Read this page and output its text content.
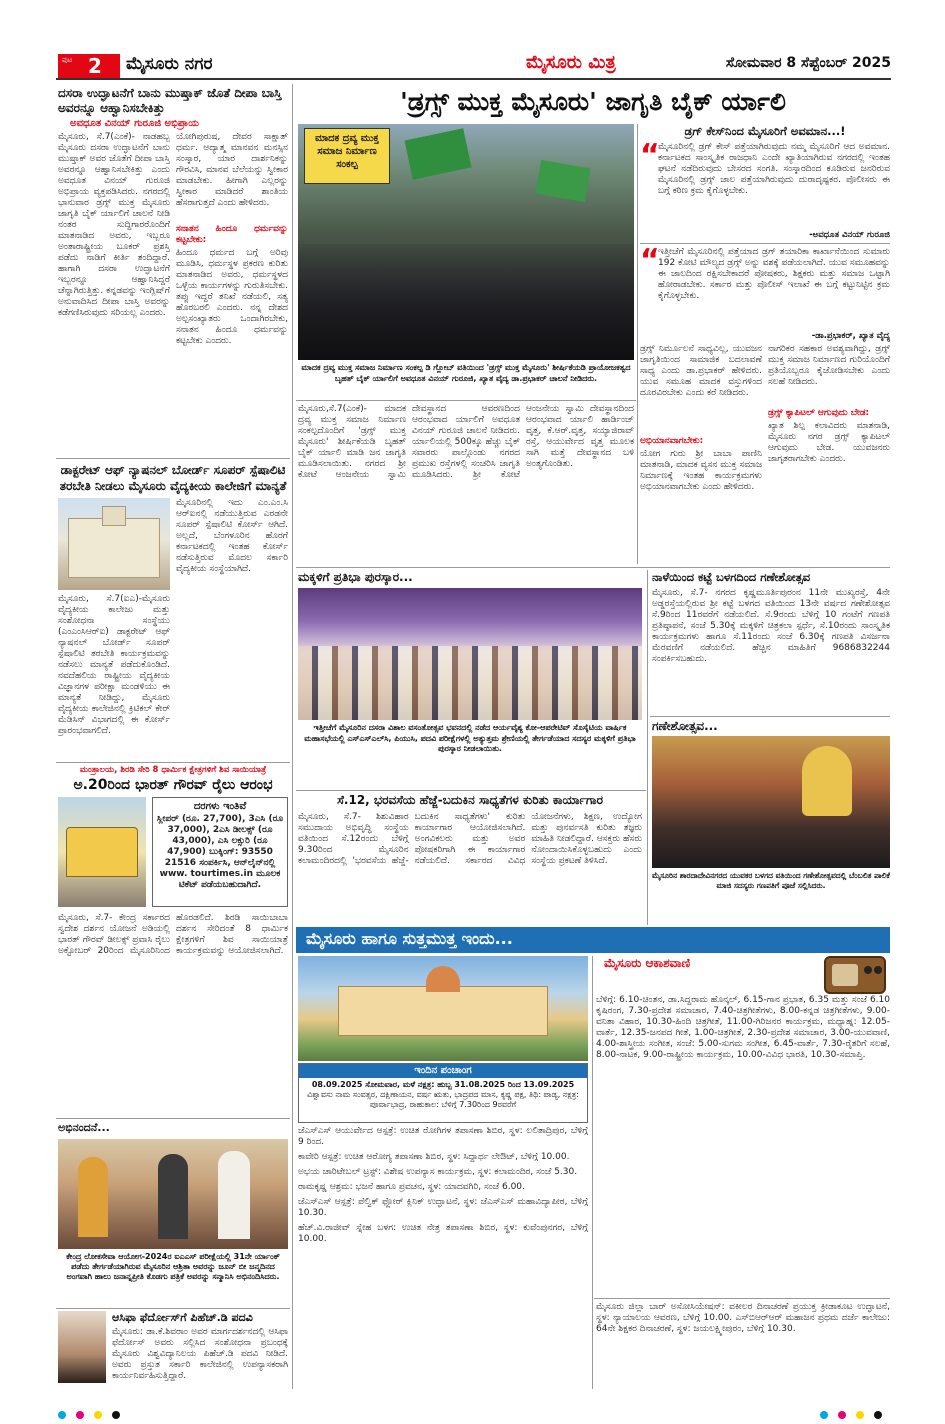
ಪುಟ 2 ಮೈಸೂರು ನಗರ	ಮೈಸೂರು ಮಿತ್ರ	ಸೋಮವಾರ 8 ಸೆಪ್ಟೆಂಬರ್ 2025
ದಸರಾ ಉದ್ಘಾಟನೆಗೆ ಬಾನು ಮುಷ್ತಾಕ್ ಜೊತೆ ದೀಪಾ ಬಾಸ್ತಿ ಅವರನ್ನೂ ಆಹ್ವಾನಿಸಬೇಕಿತ್ತು
ಅವಧೂತ ವಿನಯ್ ಗುರೂಜಿ ಅಭಿಪ್ರಾಯ
ಮೈಸೂರು, ಸೆ.7(ಎಂಕೆ)- ನಾಡಹಬ್ಬ ಮೈಸೂರು ದಸರಾ ಉದ್ಘಾಟನೆಗೆ ಬಾನು ಮುಷ್ತಾಕ್ ಅವರ ಜೊತೆಗೆ ದೀಪಾ ಬಾಸ್ತಿ ಅವರನ್ನೂ ಆಹ್ವಾನಿಸಬೇಕಿತ್ತು ಎಂದು ಅವಧೂತ ವಿನಯ್ ಗುರೂಜಿ ಅಭಿಪ್ರಾಯ ವ್ಯಕ್ತಪಡಿಸಿದರು. ನಗರದಲ್ಲಿ ಭಾನುವಾರ ಡ್ರಗ್ಸ್ ಮುಕ್ತ ಮೈಸೂರು ಜಾಗೃತಿ ಬೈಕ್ ರ್ಯಾಲಿಗೆ ಚಾಲನೆ ನೀಡಿ ನಂತರ ಸುದ್ದಿಗಾರರೊಂದಿಗೆ ಮಾತನಾಡಿದ ಅವರು, ಇಬ್ಬರೂ ಅಂತಾರಾಷ್ಟ್ರೀಯ ಬೂಕರ್ ಪ್ರಶಸ್ತಿ ಪಡೆದು ನಾಡಿಗೆ ಕೀರ್ತಿ ತಂದಿದ್ದಾರೆ. ಹಾಗಾಗಿ ದಸರಾ ಉದ್ಘಾಟನೆಗೆ ಇಬ್ಬರನ್ನೂ ಆಹ್ವಾನಿಸಿದ್ದರೆ ಚೆನ್ನಾಗಿರುತ್ತಿತ್ತು. ಕನ್ನಡವನ್ನು ಇಂಗ್ಲಿಷ್‌ಗೆ ಅನುವಾದಿಸಿದ ದೀಪಾ ಬಾಸ್ತಿ ಅವರನ್ನು ಕಡೆಗಣಿಸಿರುವುದು ಸರಿಯಲ್ಲ ಎಂದರು.
ಯೋಗಿಪುರುಷ, ದೇವರ ಸಾಕ್ಷಾತ್ ಧರ್ಮ. ಆದ್ಯಾತ್ಮ ಮಾನವನ ಮನಸ್ಸಿನ ಸಂಸ್ಕಾರ, ಯಾರ ದಾರ್ಶನಿಕನ್ನು ಗೌರವಿಸಿ, ಮಾನವ ಬೆಲೆಯನ್ನು ಸ್ವೀಕಾರ ಮಾಡಬೇಕು. ಹೀಗಾಗಿ ಎಲ್ಲರನ್ನು ಸ್ವೀಕಾರ ಮಾಡಿದರೆ ಶಾಂತಿಯ ಹೆಸರಾಗುತ್ತದೆ ಎಂದು ಹೇಳಿದರು.
ಸನಾತನ ಹಿಂದೂ ಧರ್ಮವನ್ನು ಕಟ್ಟಬೇಕು:
ಹಿಂದೂ ಧರ್ಮದ ಬಗ್ಗೆ ಅರಿವು ಮೂಡಿಸಿ, ಧರ್ಮಸ್ಥಳ ಪ್ರಕರಣ ಕುರಿತು ಮಾತನಾಡಿದ ಅವರು, ಧರ್ಮಸ್ಥಳದ ಒಳ್ಳೆಯ ಕಾರ್ಯಗಳನ್ನು ಗುರುತಿಸಬೇಕು. ತಪ್ಪು ಇದ್ದರೆ ತನಿಖೆ ನಡೆಯಲಿ, ಸತ್ಯ ಹೊರಬರಲಿ ಎಂದರು. ನನ್ನ ದೇಶದ ಅಲ್ಪಸಂಖ್ಯಾತರು ಒಂದಾಗಿರಬೇಕು, ಸನಾತನ ಹಿಂದೂ ಧರ್ಮವನ್ನು ಕಟ್ಟಬೇಕು ಎಂದರು.
ಡಾಕ್ಟರೇಟ್ ಆಫ್ ನ್ಯಾಷನಲ್ ಬೋರ್ಡ್ ಸೂಪರ್ ಸ್ಪೆಷಾಲಿಟಿ ತರಬೇತಿ ನೀಡಲು ಮೈಸೂರು ವೈದ್ಯಕೀಯ ಕಾಲೇಜಿಗೆ ಮಾನ್ಯತೆ
ಮೈಸೂರು, ಸೆ.7(ಐಎ)-ಮೈಸೂರು ವೈದ್ಯಕೀಯ ಕಾಲೇಜು ಮತ್ತು ಸಂಶೋಧನಾ ಸಂಸ್ಥೆಯು (ಎಂಎಂಸಿಆರ್‌ಐ) ಡಾಕ್ಟರೇಟ್ ಆಫ್ ನ್ಯಾಷನಲ್ ಬೋರ್ಡ್ ಸೂಪರ್ ಸ್ಪೆಷಾಲಿಟಿ ತರಬೇತಿ ಕಾರ್ಯಕ್ರಮವನ್ನು ನಡೆಸಲು ಮಾನ್ಯತೆ ಪಡೆದುಕೊಂಡಿದೆ. ನವದೆಹಲಿಯ ರಾಷ್ಟ್ರೀಯ ವೈದ್ಯಕೀಯ ವಿಜ್ಞಾನಗಳ ಪರೀಕ್ಷಾ ಮಂಡಳಿಯು ಈ ಮಾನ್ಯತೆ ನೀಡಿದ್ದು, ಮೈಸೂರು ವೈದ್ಯಕೀಯ ಕಾಲೇಜಿನಲ್ಲಿ ಕ್ರಿಟಿಕಲ್ ಕೇರ್ ಮೆಡಿಸಿನ್ ವಿಭಾಗದಲ್ಲಿ ಈ ಕೋರ್ಸ್ ಪ್ರಾರಂಭವಾಗಲಿದೆ.
ಮೈಸೂರಿನಲ್ಲಿ ಇದು ಎಂ.ಎಂ.ಸಿ ಆರ್‌ಐನಲ್ಲಿ ನಡೆಯುತ್ತಿರುವ ಎರಡನೇ ಸೂಪರ್ ಸ್ಪೆಷಾಲಿಟಿ ಕೋರ್ಸ್ ಆಗಿದೆ. ಅಲ್ಲದೆ, ಬೆಂಗಳೂರಿನ ಹೊರಗೆ ಕರ್ನಾಟಕದಲ್ಲಿ ಇಂತಹ ಕೋರ್ಸ್ ನಡೆಸುತ್ತಿರುವ ಮೊದಲ ಸರ್ಕಾರಿ ವೈದ್ಯಕೀಯ ಸಂಸ್ಥೆಯಾಗಿದೆ.
ಮಂತ್ರಾಲಯ, ಶಿರಡಿ ಸೇರಿ 8 ಧಾರ್ಮಿಕ ಕ್ಷೇತ್ರಗಳಿಗೆ ಶಿವ ಸಾಯಿಯಾತ್ರೆ
ಅ.20ರಿಂದ ಭಾರತ್ ಗೌರವ್ ರೈಲು ಆರಂಭ
ದರಗಳು ಇಂತಿವೆ
ಸ್ಲೀಪರ್ (ರೂ. 27,700), 3ಎಸಿ (ರೂ 37,000), 2ಎಸಿ ಡೀಲಕ್ಸ್ (ರೂ 43,000), ಎಸಿ ಲಕ್ಸುರಿ (ರೂ 47,900) ಬುಕ್ಕಿಂಗ್: 93550 21516 ಸಂಪರ್ಕಿಸಿ, ಆನ್‌ಲೈನ್‌ನಲ್ಲಿ www. tourtimes.in ಮೂಲಕ ಟಿಕೆಟ್ ಪಡೆಯಬಹುದಾಗಿದೆ.
ಮೈಸೂರು, ಸೆ.7- ಕೇಂದ್ರ ಸರ್ಕಾರದ ಸ್ವದೇಶ ದರ್ಶನ ಯೋಜನೆ ಅಡಿಯಲ್ಲಿ ಭಾರತ್ ಗೌರವ್ ಡೀಲಕ್ಸ್ ಪ್ರವಾಸಿ ರೈಲು ಅಕ್ಟೋಬರ್ 20ರಿಂದ ಮೈಸೂರಿನಿಂದ ಹೊರಡಲಿದೆ. ಶಿರಡಿ ಸಾಯಿಬಾಬಾ ದರ್ಶನ ಸೇರಿದಂತೆ 8 ಧಾರ್ಮಿಕ ಕ್ಷೇತ್ರಗಳಿಗೆ ಶಿವ ಸಾಯಿಯಾತ್ರೆ ಕಾರ್ಯಕ್ರಮವನ್ನು ಆಯೋಜಿಸಲಾಗಿದೆ.
ಅಭಿನಂದನೆ...
ಕೇಂದ್ರ ಲೋಕಸೇವಾ ಆಯೋಗ-2024ರ ಐಎಎಸ್ ಪರೀಕ್ಷೆಯಲ್ಲಿ 31ನೇ ರ್ಯಾಂಕ್ ಪಡೆದು ತೇರ್ಗಡೆಯಾಗಿರುವ ಮೈಸೂರಿನ ಆಶ್ರಿತಾ ಅವರನ್ನು ಜೂನ್ ಬೀ ಜನ್ಮದಿನದ ಅಂಗವಾಗಿ ಹಾಲು ಜನಾನ್ನಪ್ರೀತಿ ಕೊಡಗು ಪತ್ರಿಕೆ ಅವರನ್ನು ಸನ್ಮಾನಿಸಿ ಅಭಿನಂದಿಸಿದರು.
ಆಸಿಫಾ ಫೆರ್ದೋಸ್‌ಗೆ ಪಿಹೆಚ್.ಡಿ ಪದವಿ
ಮೈಸೂರು: ಡಾ.ಕೆ.ಶಿವರಾಂ ಅವರ ಮಾರ್ಗದರ್ಶನದಲ್ಲಿ ಆಸಿಫಾ ಫೆರ್ದೋಸ್ ಅವರು ಸಲ್ಲಿಸಿದ ಸಂಶೋಧನಾ ಪ್ರಬಂಧಕ್ಕೆ ಮೈಸೂರು ವಿಶ್ವವಿದ್ಯಾನಿಲಯ ಪಿಹೆಚ್.ಡಿ ಪದವಿ ನೀಡಿದೆ. ಅವರು ಪ್ರಸ್ತುತ ಸರ್ಕಾರಿ ಕಾಲೇಜಿನಲ್ಲಿ ಉಪನ್ಯಾಸಕರಾಗಿ ಕಾರ್ಯನಿರ್ವಹಿಸುತ್ತಿದ್ದಾರೆ.
'ಡ್ರಗ್ಸ್ ಮುಕ್ತ ಮೈಸೂರು' ಜಾಗೃತಿ ಬೈಕ್ ರ್ಯಾಲಿ
ಮಾದಕ ದ್ರವ್ಯ ಮುಕ್ತ ಸಮಾಜ ನಿರ್ಮಾಣ ಸಂಕಲ್ಪ
ಮಾದಕ ದ್ರವ್ಯ ಮುಕ್ತ ಸಮಾಜ ನಿರ್ಮಾಣ ಸಂಕಲ್ಪ ಡಿ ಗ್ಲೋಬ್ ವತಿಯಿಂದ 'ಡ್ರಗ್ಸ್ ಮುಕ್ತ ಮೈಸೂರು' ಶೀರ್ಷಿಕೆಯಡಿ ಪ್ರಾಯೋಜಕತ್ವದ ಬೃಹತ್ ಬೈಕ್ ರ್ಯಾಲಿಗೆ ಅವಧೂತ ವಿನಯ್ ಗುರೂಜಿ, ಖ್ಯಾತ ವೈದ್ಯ ಡಾ.ಪ್ರಭಾಕರ್ ಚಾಲನೆ ನೀಡಿದರು.
ಮೈಸೂರು,ಸೆ.7(ಎಂಕೆ)- ಮಾದಕ ದ್ರವ್ಯ ಮುಕ್ತ ಸಮಾಜ ನಿರ್ಮಾಣ ಸಂಕಲ್ಪದೊಂದಿಗೆ 'ಡ್ರಗ್ಸ್ ಮುಕ್ತ ಮೈಸೂರು' ಶೀರ್ಷಿಕೆಯಡಿ ಬೃಹತ್ ಬೈಕ್ ರ್ಯಾಲಿ ಮಾಡಿ ಜನ ಜಾಗೃತಿ ಮೂಡಿಸಲಾಯಿತು. ನಗರದ ಶ್ರೀ ಕೋಟೆ ಆಂಜನೇಯ ಸ್ವಾಮಿ ದೇವಸ್ಥಾನದ ಆವರಣದಿಂದ ಆರಂಭವಾದ ರ್ಯಾಲಿಗೆ ಅವಧೂತ ವಿನಯ್ ಗುರೂಜಿ ಚಾಲನೆ ನೀಡಿದರು. ರ್ಯಾಲಿಯಲ್ಲಿ 500ಕ್ಕೂ ಹೆಚ್ಚು ಬೈಕ್ ಸವಾರರು ಪಾಲ್ಗೊಂಡು ನಗರದ ಪ್ರಮುಖ ರಸ್ತೆಗಳಲ್ಲಿ ಸಂಚರಿಸಿ ಜಾಗೃತಿ ಮೂಡಿಸಿದರು. ಶ್ರೀ ಕೋಟೆ ಆಂಜನೇಯ ಸ್ವಾಮಿ ದೇವಸ್ಥಾನದಿಂದ ಆರಂಭವಾದ ರ್ಯಾಲಿ ಹಾರ್ಡಿಂಜ್ ವೃತ್ತ, ಕೆ.ಆರ್.ವೃತ್ತ, ಸಯ್ಯಾಜಿರಾವ್ ರಸ್ತೆ, ಆಯುರ್ವೇದ ವೃತ್ತ ಮೂಲಕ ಸಾಗಿ ಮತ್ತೆ ದೇವಸ್ಥಾನದ ಬಳಿ ಅಂತ್ಯಗೊಂಡಿತು.
ಡ್ರಗ್ ಕೇಸ್‌ನಿಂದ ಮೈಸೂರಿಗೆ ಅವಮಾನ...!
“
ಮೈಸೂರಿನಲ್ಲಿ ಡ್ರಗ್ ಕೇಸ್ ಪತ್ತೆಯಾಗಿರುವುದು ನಮ್ಮ ಮೈಸೂರಿಗೆ ಆದ ಅವಮಾನ. ಕರ್ನಾಟಕದ ಸಾಂಸ್ಕೃತಿಕ ರಾಜಧಾನಿ ಎಂದೇ ಖ್ಯಾತಿಯಾಗಿರುವ ನಗರದಲ್ಲಿ ಇಂತಹ ಘಟನೆ ನಡೆದಿರುವುದು ಬೇಸರದ ಸಂಗತಿ. ಸಂಸ್ಕಾರದಿಂದ ಕೂಡಿರುವ ಜನರಿರುವ ಮೈಸೂರಿನಲ್ಲಿ ಡ್ರಗ್ಸ್ ಜಾಲ ಪತ್ತೆಯಾಗಿರುವುದು ದುರಾದೃಷ್ಟಕರ. ಪೊಲೀಸರು ಈ ಬಗ್ಗೆ ಕಠಿಣ ಕ್ರಮ ಕೈಗೊಳ್ಳಬೇಕು.
-ಅವಧೂತ ವಿನಯ್ ಗುರೂಜಿ
“
ಇತ್ತೀಚೆಗೆ ಮೈಸೂರಿನಲ್ಲಿ ಪತ್ತೆಯಾದ ಡ್ರಗ್ ತಯಾರಿಕಾ ಕಾರ್ಖಾನೆಯಿಂದ ಸುಮಾರು 192 ಕೋಟಿ ಮೌಲ್ಯದ ಡ್ರಗ್ಸ್ ಅನ್ನು ವಶಕ್ಕೆ ಪಡೆಯಲಾಗಿದೆ. ಯುವ ಸಮೂಹವನ್ನು ಈ ಜಾಲದಿಂದ ರಕ್ಷಿಸಬೇಕಾದರೆ ಪೋಷಕರು, ಶಿಕ್ಷಕರು ಮತ್ತು ಸಮಾಜ ಒಟ್ಟಾಗಿ ಹೋರಾಡಬೇಕು. ಸರ್ಕಾರ ಮತ್ತು ಪೊಲೀಸ್ ಇಲಾಖೆ ಈ ಬಗ್ಗೆ ಕಟ್ಟುನಿಟ್ಟಿನ ಕ್ರಮ ಕೈಗೊಳ್ಳಬೇಕು.
-ಡಾ.ಪ್ರಭಾಕರ್, ಖ್ಯಾತ ವೈದ್ಯ
ಡ್ರಗ್ಸ್ ನಿರ್ಮೂಲನೆ ಸಾಧ್ಯವಿಲ್ಲ, ಯುವಜನ ಜಾಗೃತಿಯಿಂದ ಸಾಮಾಜಿಕ ಬದಲಾವಣೆ ಸಾಧ್ಯ ಎಂದು ಡಾ.ಪ್ರಭಾಕರ್ ಹೇಳಿದರು. ಯುವ ಸಮೂಹ ಮಾದಕ ವಸ್ತುಗಳಿಂದ ದೂರವಿರಬೇಕು ಎಂದು ಕರೆ ನೀಡಿದರು.
ಅಭಿಯಾನವಾಗಬೇಕು:
ಯೋಗ ಗುರು ಶ್ರೀ ಬಾಬಾ ಪಾಣಿನಿ ಮಾತನಾಡಿ, ಮಾದಕ ವ್ಯಸನ ಮುಕ್ತ ಸಮಾಜ ನಿರ್ಮಾಣಕ್ಕೆ ಇಂತಹ ಕಾರ್ಯಕ್ರಮಗಳು ಅಭಿಯಾನವಾಗಬೇಕು ಎಂದು ಹೇಳಿದರು.
ನಾಗರಿಕರ ಸಹಕಾರ ಅವಶ್ಯವಾಗಿದ್ದು, ಡ್ರಗ್ಸ್ ಮುಕ್ತ ಸಮಾಜ ನಿರ್ಮಾಣದ ಗುರಿಯೊಂದಿಗೆ ಪ್ರತಿಯೊಬ್ಬರೂ ಕೈಜೋಡಿಸಬೇಕು ಎಂದು ಸಲಹೆ ನೀಡಿದರು.
ಡ್ರಗ್ಸ್ ಕ್ಯಾಪಿಟಲ್ ಆಗುವುದು ಬೇಡ:
ಖ್ಯಾತ ಶಿಲ್ಪ ಕಲಾವಿದರು ಮಾತನಾಡಿ, ಮೈಸೂರು ನಗರ ಡ್ರಗ್ಸ್ ಕ್ಯಾಪಿಟಲ್ ಆಗುವುದು ಬೇಡ. ಯುವಜನರು ಜಾಗೃತರಾಗಬೇಕು ಎಂದರು.
ಮಕ್ಕಳಿಗೆ ಪ್ರತಿಭಾ ಪುರಸ್ಕಾರ...
ಇತ್ತೀಚೆಗೆ ಮೈಸೂರಿನ ದಸರಾ ವಿಶಾಲ ವಸಂತೋತ್ಸವ ಭವನದಲ್ಲಿ ನಡೆದ ಆರ್ಯವೈಶ್ಯ ಕೋ-ಆಪರೇಟಿವ್ ಸೊಸೈಟಿಯ ವಾರ್ಷಿಕ ಮಹಾಸಭೆಯಲ್ಲಿ ಎಸ್‌ಎಸ್‌ಎಲ್‌ಸಿ, ಪಿಯುಸಿ, ಪದವಿ ಪರೀಕ್ಷೆಗಳಲ್ಲಿ ಅತ್ಯುತ್ತಮ ಶ್ರೇಣಿಯಲ್ಲಿ ತೇರ್ಗಡೆಯಾದ ಸದಸ್ಯರ ಮಕ್ಕಳಿಗೆ ಪ್ರತಿಭಾ ಪುರಸ್ಕಾರ ನೀಡಲಾಯಿತು.
ಸೆ.12, ಭರವಸೆಯ ಹೆಜ್ಜೆ-ಬದುಕಿನ ಸಾಧ್ಯತೆಗಳ ಕುರಿತು ಕಾರ್ಯಾಗಾರ
ಮೈಸೂರು, ಸೆ.7- ಶಿಶುವಿಹಾರ ಸಮುದಾಯ ಅಭಿವೃದ್ಧಿ ಸಂಸ್ಥೆಯ ವತಿಯಿಂದ ಸೆ.12ರಂದು ಬೆಳಿಗ್ಗೆ 9.30ರಿಂದ ಮೈಸೂರಿನ ಕಲಾಮಂದಿರದಲ್ಲಿ 'ಭರವಸೆಯ ಹೆಜ್ಜೆ-ಬದುಕಿನ ಸಾಧ್ಯತೆಗಳು' ಕುರಿತು ಕಾರ್ಯಾಗಾರ ಆಯೋಜಿಸಲಾಗಿದೆ. ಅಂಗವಿಕಲರು ಮತ್ತು ಅವರ ಪೋಷಕರಿಗಾಗಿ ಈ ಕಾರ್ಯಾಗಾರ ನಡೆಯಲಿದೆ. ಸರ್ಕಾರದ ವಿವಿಧ ಯೋಜನೆಗಳು, ಶಿಕ್ಷಣ, ಉದ್ಯೋಗ ಮತ್ತು ಪುನರ್ವಸತಿ ಕುರಿತು ತಜ್ಞರು ಮಾಹಿತಿ ನೀಡಲಿದ್ದಾರೆ. ಆಸಕ್ತರು ಹೆಸರು ನೋಂದಾಯಿಸಿಕೊಳ್ಳಬಹುದು ಎಂದು ಸಂಸ್ಥೆಯ ಪ್ರಕಟಣೆ ತಿಳಿಸಿದೆ.
ನಾಳೆಯಿಂದ ಕಟ್ಟೆ ಬಳಗದಿಂದ ಗಣೇಶೋತ್ಸವ
ಮೈಸೂರು, ಸೆ.7- ನಗರದ ಕೃಷ್ಣಮೂರ್ತಿಪುರಂನ 11ನೇ ಮುಖ್ಯರಸ್ತೆ, 4ನೇ ಅಡ್ಡರಸ್ತೆಯಲ್ಲಿರುವ ಶ್ರೀ ಕಟ್ಟೆ ಬಳಗದ ವತಿಯಿಂದ 13ನೇ ವರ್ಷದ ಗಣೇಶೋತ್ಸವ ಸೆ.9ರಿಂದ 11ರವರೆಗೆ ನಡೆಯಲಿದೆ. ಸೆ.9ರಂದು ಬೆಳಿಗ್ಗೆ 10 ಗಂಟೆಗೆ ಗಣಪತಿ ಪ್ರತಿಷ್ಠಾಪನೆ, ಸಂಜೆ 5.30ಕ್ಕೆ ಮಕ್ಕಳಿಗೆ ಚಿತ್ರಕಲಾ ಸ್ಪರ್ಧೆ, ಸೆ.10ರಂದು ಸಾಂಸ್ಕೃತಿಕ ಕಾರ್ಯಕ್ರಮಗಳು ಹಾಗೂ ಸೆ.11ರಂದು ಸಂಜೆ 6.30ಕ್ಕೆ ಗಣಪತಿ ವಿಸರ್ಜನಾ ಮೆರವಣಿಗೆ ನಡೆಯಲಿದೆ. ಹೆಚ್ಚಿನ ಮಾಹಿತಿಗೆ 9686832244 ಸಂಪರ್ಕಿಸಬಹುದು.
ಗಣೇಶೋತ್ಸವ...
ಮೈಸೂರಿನ ಶಾರದಾದೇವಿನಗರದ ಯುವಕರ ಬಳಗದ ವತಿಯಿಂದ ಗಣೇಶೋತ್ಸವದಲ್ಲಿ ಬೆಂಬಲಿತ ಪಾಲಿಕೆ ಮಾಜಿ ಸದಸ್ಯರು ಗಣಪತಿಗೆ ಪೂಜೆ ಸಲ್ಲಿಸಿದರು.
ಮೈಸೂರು ಹಾಗೂ ಸುತ್ತಮುತ್ತ ಇಂದು...
ಇಂದಿನ ಪಂಚಾಂಗ
08.09.2025 ಸೋಮವಾರ, ಮಳೆ ನಕ್ಷತ್ರ: ಹುಬ್ಬ 31.08.2025 ರಿಂದ 13.09.2025
ವಿಶ್ವಾವಸು ನಾಮ ಸಂವತ್ಸರ, ದಕ್ಷಿಣಾಯನ, ವರ್ಷ ಋತು, ಭಾದ್ರಪದ ಮಾಸ, ಕೃಷ್ಣ ಪಕ್ಷ, ತಿಥಿ: ಪಾಡ್ಯ, ನಕ್ಷತ್ರ: ಪೂರ್ವಾಭಾದ್ರ, ರಾಹುಕಾಲ: ಬೆಳಿಗ್ಗೆ 7.30ರಿಂದ 9ರವರೆಗೆ
ಜೆಎಸ್‌ಎಸ್ ಆಯುರ್ವೇದ ಆಸ್ಪತ್ರೆ: ಉಚಿತ ರೋಗಿಗಳ ತಪಾಸಣಾ ಶಿಬಿರ, ಸ್ಥಳ: ಲಲಿತಾದ್ರಿಪುರ, ಬೆಳಿಗ್ಗೆ 9 ರಿಂದ.
ಕಾವೇರಿ ಆಸ್ಪತ್ರೆ: ಉಚಿತ ಆರೋಗ್ಯ ತಪಾಸಣಾ ಶಿಬಿರ, ಸ್ಥಳ: ಸಿದ್ದಾರ್ಥ ಲೇಔಟ್, ಬೆಳಿಗ್ಗೆ 10.00.
ಅಭಯ ಚಾರಿಟೇಬಲ್ ಟ್ರಸ್ಟ್: ವಿಶೇಷ ಉಪನ್ಯಾಸ ಕಾರ್ಯಕ್ರಮ, ಸ್ಥಳ: ಕಲಾಮಂದಿರ, ಸಂಜೆ 5.30.
ರಾಮಕೃಷ್ಣ ಆಶ್ರಮ: ಭಜನೆ ಹಾಗೂ ಪ್ರವಚನ, ಸ್ಥಳ: ಯಾದವಗಿರಿ, ಸಂಜೆ 6.00.
ಜೆಎಸ್‌ಎಸ್ ಆಸ್ಪತ್ರೆ: ಪೆಲ್ವಿಕ್ ಫ್ಲೋರ್ ಕ್ಲಿನಿಕ್ ಉದ್ಘಾಟನೆ, ಸ್ಥಳ: ಜೆಎಸ್‌ಎಸ್ ಮಹಾವಿದ್ಯಾಪೀಠ, ಬೆಳಿಗ್ಗೆ 10.30.
ಹೆಚ್.ವಿ.ರಾಜೀವ್ ಸ್ನೇಹ ಬಳಗ: ಉಚಿತ ನೇತ್ರ ತಪಾಸಣಾ ಶಿಬಿರ, ಸ್ಥಳ: ಕುವೆಂಪುನಗರ, ಬೆಳಿಗ್ಗೆ 10.00.
ಮೈಸೂರು ಆಕಾಶವಾಣಿ
ಬೆಳಿಗ್ಗೆ: 6.10-ಚಿಂತನ, ಡಾ.ಸಿದ್ದರಾಮ ಹೊನ್ಕಲ್, 6.15-ಗಾನ ಪ್ರಭಾತ, 6.35 ಮತ್ತು ಸಂಜೆ 6.10 ಕೃಷಿರಂಗ, 7.30-ಪ್ರದೇಶ ಸಮಾಚಾರ, 7.40-ಚಿತ್ರಗೀತೆಗಳು, 8.00-ಕನ್ನಡ ಚಿತ್ರಗೀತೆಗಳು, 9.00-ವನಿತಾ ವಿಹಾರ, 10.30-ಹಿಂದಿ ಚಿತ್ರಗೀತೆ, 11.00-ಗಿರಿಜನರ ಕಾರ್ಯಕ್ರಮ, ಮಧ್ಯಾಹ್ನ: 12.05-ವಾರ್ತೆ, 12.35-ಜನಪದ ಗೀತೆ, 1.00-ಚಿತ್ರಗೀತೆ, 2.30-ಪ್ರದೇಶ ಸಮಾಚಾರ, 3.00-ಯುವವಾಣಿ, 4.00-ಶಾಸ್ತ್ರೀಯ ಸಂಗೀತ, ಸಂಜೆ: 5.00-ಸುಗಮ ಸಂಗೀತ, 6.45-ವಾರ್ತೆ, 7.30-ರೈತರಿಗೆ ಸಲಹೆ, 8.00-ನಾಟಕ, 9.00-ರಾಷ್ಟ್ರೀಯ ಕಾರ್ಯಕ್ರಮ, 10.00-ವಿವಿಧ ಭಾರತಿ, 10.30-ಸಮಾಪ್ತಿ.
ಮೈಸೂರು ಜಿಲ್ಲಾ ಬಾರ್ ಅಸೋಸಿಯೇಷನ್: ವಕೀಲರ ದಿನಾಚರಣೆ ಪ್ರಯುಕ್ತ ಕ್ರೀಡಾಕೂಟ ಉದ್ಘಾಟನೆ, ಸ್ಥಳ: ನ್ಯಾಯಾಲಯ ಆವರಣ, ಬೆಳಿಗ್ಗೆ 10.00. ಎಸ್‌ಬಿಆರ್‌ಆರ್ ಮಹಾಜನ ಪ್ರಥಮ ದರ್ಜೆ ಕಾಲೇಜು: 64ನೇ ಶಿಕ್ಷಕರ ದಿನಾಚರಣೆ, ಸ್ಥಳ: ಜಯಲಕ್ಷ್ಮೀಪುರಂ, ಬೆಳಿಗ್ಗೆ 10.30.
